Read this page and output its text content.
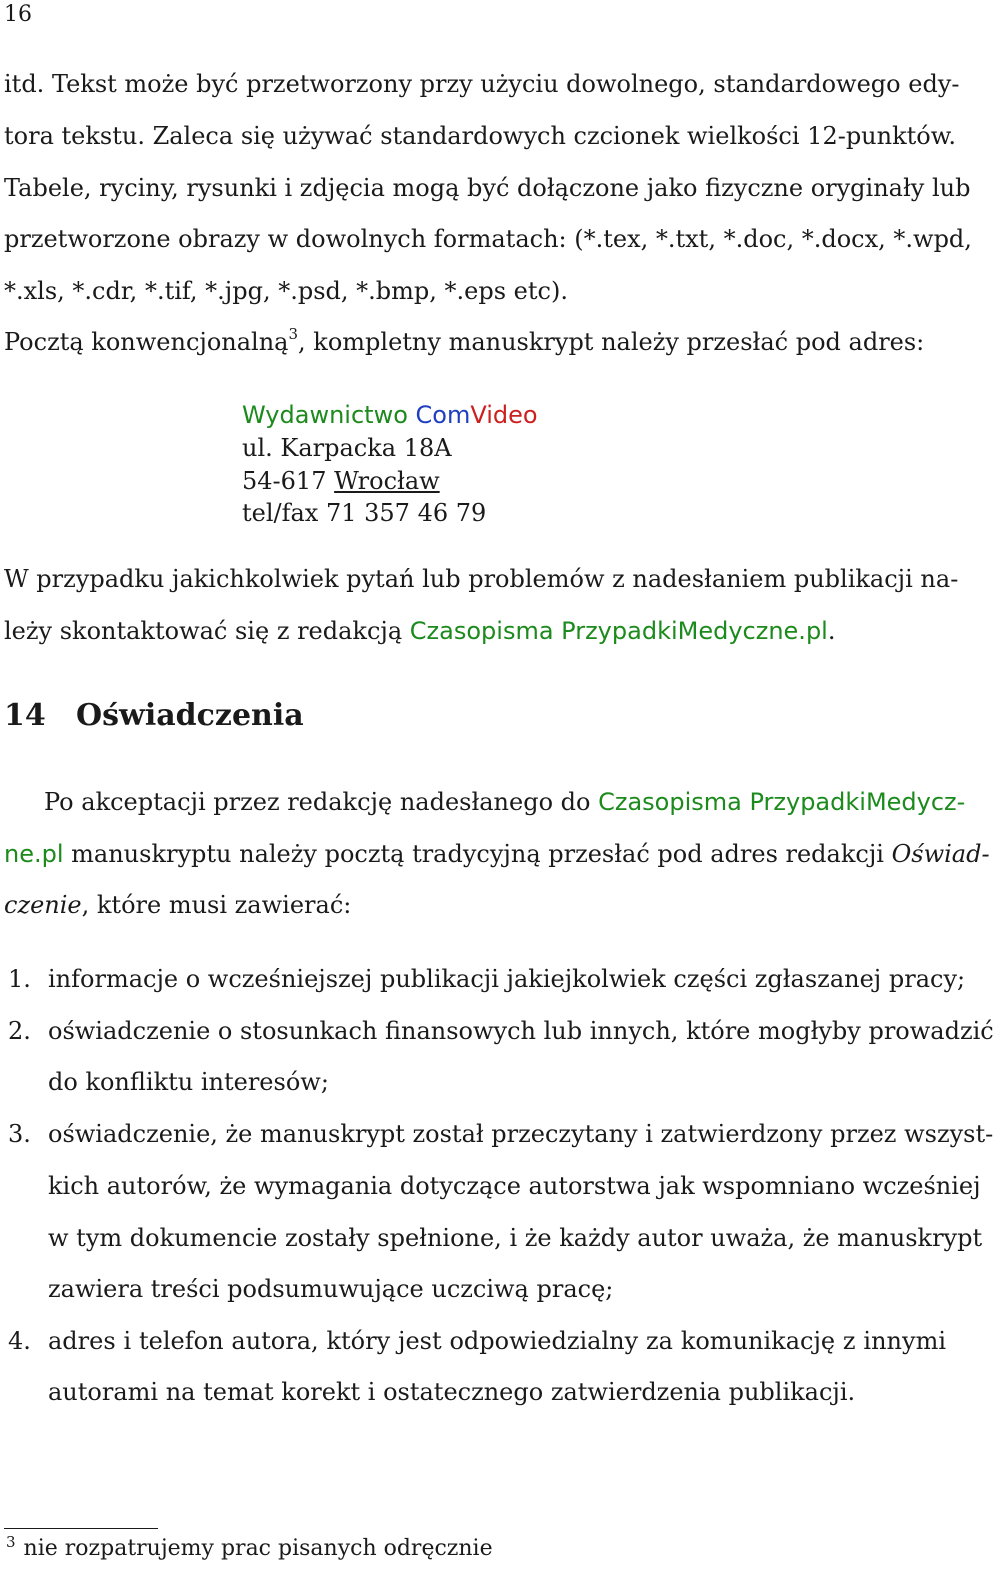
16
itd. Tekst może być przetworzony przy użyciu dowolnego, standardowego edy-
tora tekstu. Zaleca się używać standardowych czcionek wielkości 12-punktów.
Tabele, ryciny, rysunki i zdjęcia mogą być dołączone jako fizyczne oryginały lub
przetworzone obrazy w dowolnych formatach: (*.tex, *.txt, *.doc, *.docx, *.wpd,
*.xls, *.cdr, *.tif, *.jpg, *.psd, *.bmp, *.eps etc).
Pocztą konwencjonalną$^3$, kompletny manuskrypt należy przesłać pod adres:
Wydawnictwo ComVideo
ul. Karpacka 18A
54-617 Wrocław
tel/fax 71 357 46 79
W przypadku jakichkolwiek pytań lub problemów z nadesłaniem publikacji na-
leży skontaktować się z redakcją Czasopisma PrzypadkiMedyczne.pl.
14 Oświadczenia
Po akceptacji przez redakcję nadesłanego do Czasopisma PrzypadkiMedycz-
ne.pl manuskryptu należy pocztą tradycyjną przesłać pod adres redakcji Oświad-
czenie, które musi zawierać:
1. informacje o wcześniejszej publikacji jakiejkolwiek części zgłaszanej pracy;
2. oświadczenie o stosunkach finansowych lub innych, które mogłyby prowadzić
do konfliktu interesów;
3. oświadczenie, że manuskrypt został przeczytany i zatwierdzony przez wszyst-
kich autorów, że wymagania dotyczące autorstwa jak wspomniano wcześniej
w tym dokumencie zostały spełnione, i że każdy autor uważa, że manuskrypt
zawiera treści podsumuwujące uczciwą pracę;
4. adres i telefon autora, który jest odpowiedzialny za komunikację z innymi
autorami na temat korekt i ostatecznego zatwierdzenia publikacji.
$^3$ nie rozpatrujemy prac pisanych odręcznie
